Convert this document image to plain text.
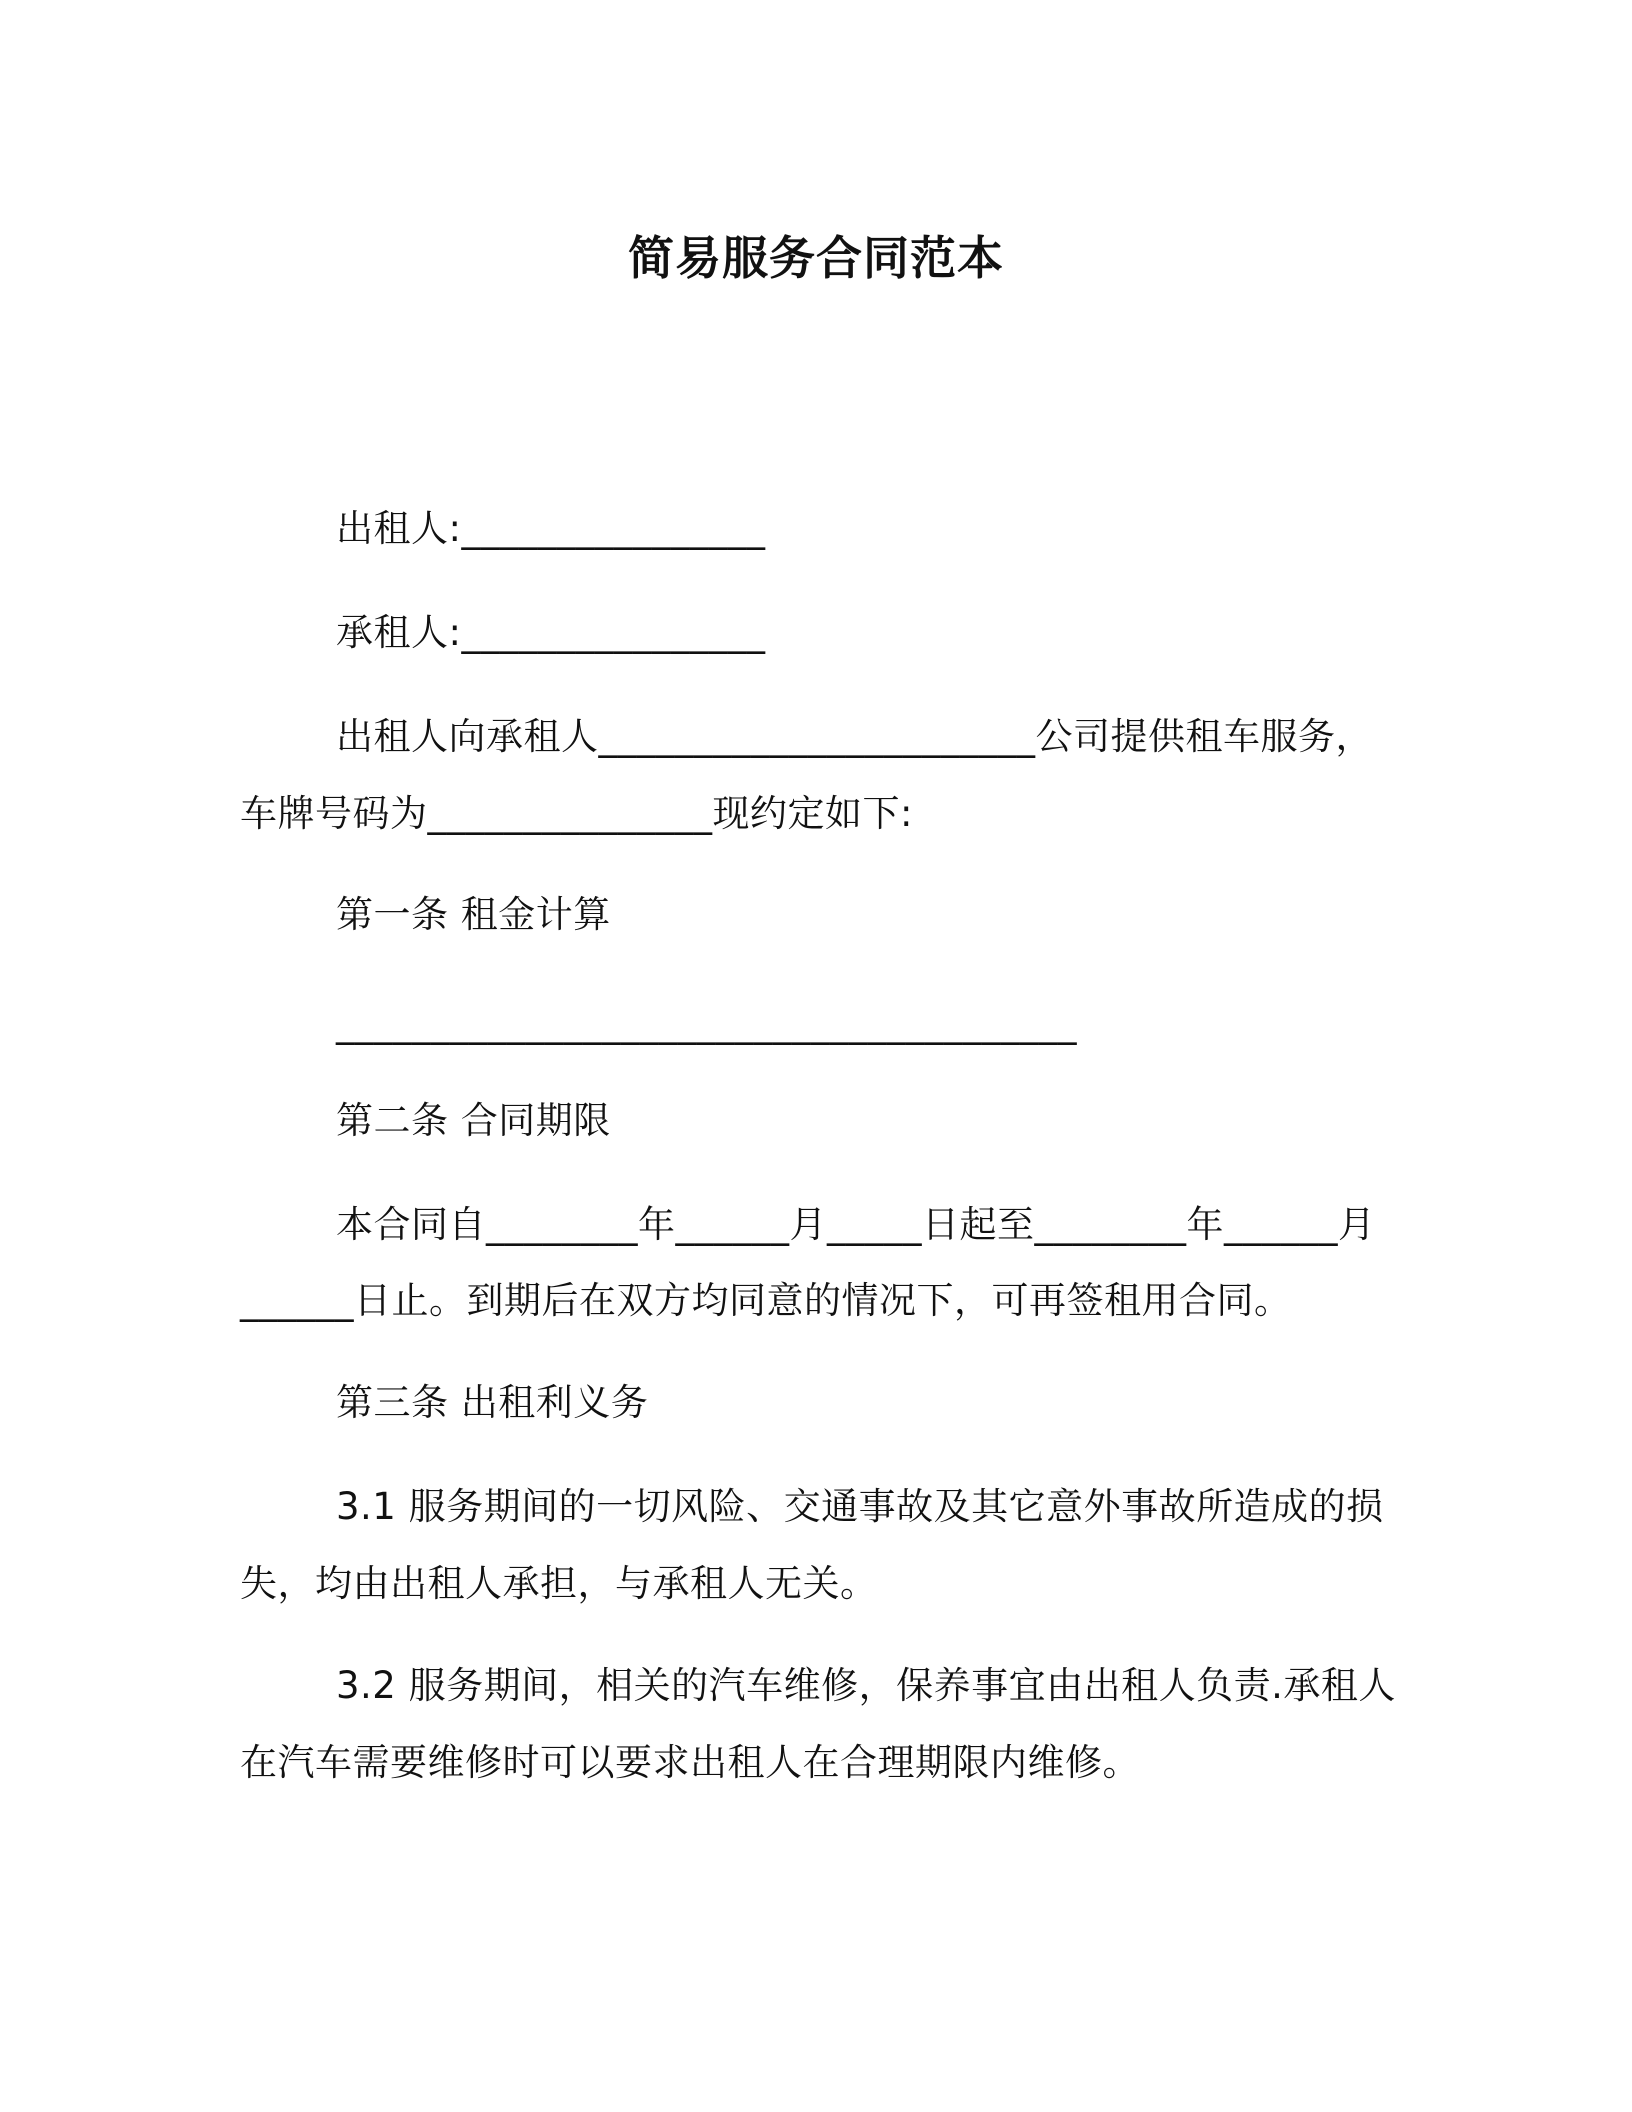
简易服务合同范本
出租人:________________
承租人:________________
出租人向承租人_______________________公司提供租车服务，
车牌号码为_______________现约定如下:
第一条 租金计算
_______________________________________
第二条 合同期限
本合同自________年______月_____日起至________年______月
______日止。到期后在双方均同意的情况下，可再签租用合同。
第三条 出租利义务
3.1 服务期间的一切风险、交通事故及其它意外事故所造成的损
失，均由出租人承担，与承租人无关。
3.2 服务期间，相关的汽车维修，保养事宜由出租人负责.承租人
在汽车需要维修时可以要求出租人在合理期限内维修。
